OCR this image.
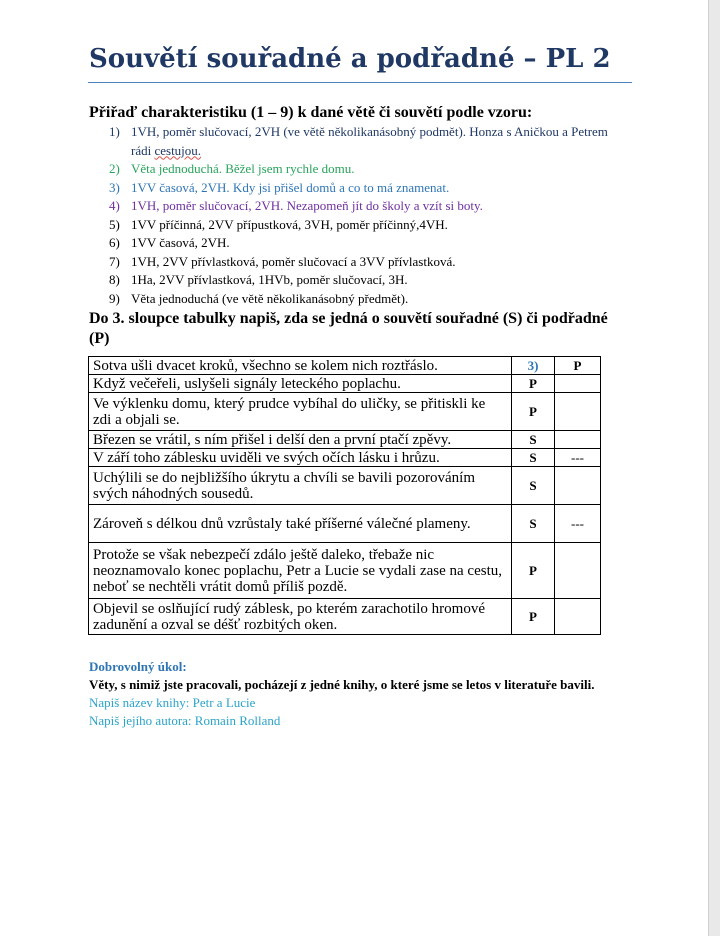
Souvětí souřadné a podřadné – PL 2

Přiřaď charakteristiku (1 – 9) k dané větě či souvětí podle vzoru:

1) 1VH, poměr slučovací, 2VH (ve větě několikanásobný podmět). Honza s Aničkou a Petrem rádi cestujou.
2) Věta jednoduchá. Běžel jsem rychle domu.
3) 1VV časová, 2VH. Kdy jsi přišel domů a co to má znamenat.
4) 1VH, poměr slučovací, 2VH. Nezapomeň jít do školy a vzít si boty.
5) 1VV příčinná, 2VV přípustková, 3VH, poměr příčinný,4VH.
6) 1VV časová, 2VH.
7) 1VH, 2VV přívlastková, poměr slučovací a 3VV přívlastková.
8) 1Ha, 2VV přívlastková, 1HVb, poměr slučovací, 3H.
9) Věta jednoduchá (ve větě několikanásobný předmět).

Do 3. sloupce tabulky napiš, zda se jedná o souvětí souřadné (S) či podřadné (P)

Sotva ušli dvacet kroků, všechno se kolem nich roztřáslo.	3)	P
Když večeřeli, uslyšeli signály leteckého poplachu.	P	
Ve výklenku domu, který prudce vybíhal do uličky, se přitiskli ke zdi a objali se.	P	
Březen se vrátil, s ním přišel i delší den a první ptačí zpěvy.	S	
V září toho záblesku uviděli ve svých očích lásku i hrůzu.	S	---
Uchýlili se do nejbližšího úkrytu a chvíli se bavili pozorováním svých náhodných sousedů.	S	
Zároveň s délkou dnů vzrůstaly také příšerné válečné plameny.	S	---
Protože se však nebezpečí zdálo ještě daleko, třebaže nic neoznamovalo konec poplachu, Petr a Lucie se vydali zase na cestu, neboť se nechtěli vrátit domů příliš pozdě.	P	
Objevil se oslňující rudý záblesk, po kterém zarachotilo hromové zadunění a ozval se déšť rozbitých oken.	P	
Dobrovolný úkol:
Věty, s nimiž jste pracovali, pocházejí z jedné knihy, o které jsme se letos v literatuře bavili.
Napiš název knihy: Petr a Lucie
Napiš jejího autora: Romain Rolland
